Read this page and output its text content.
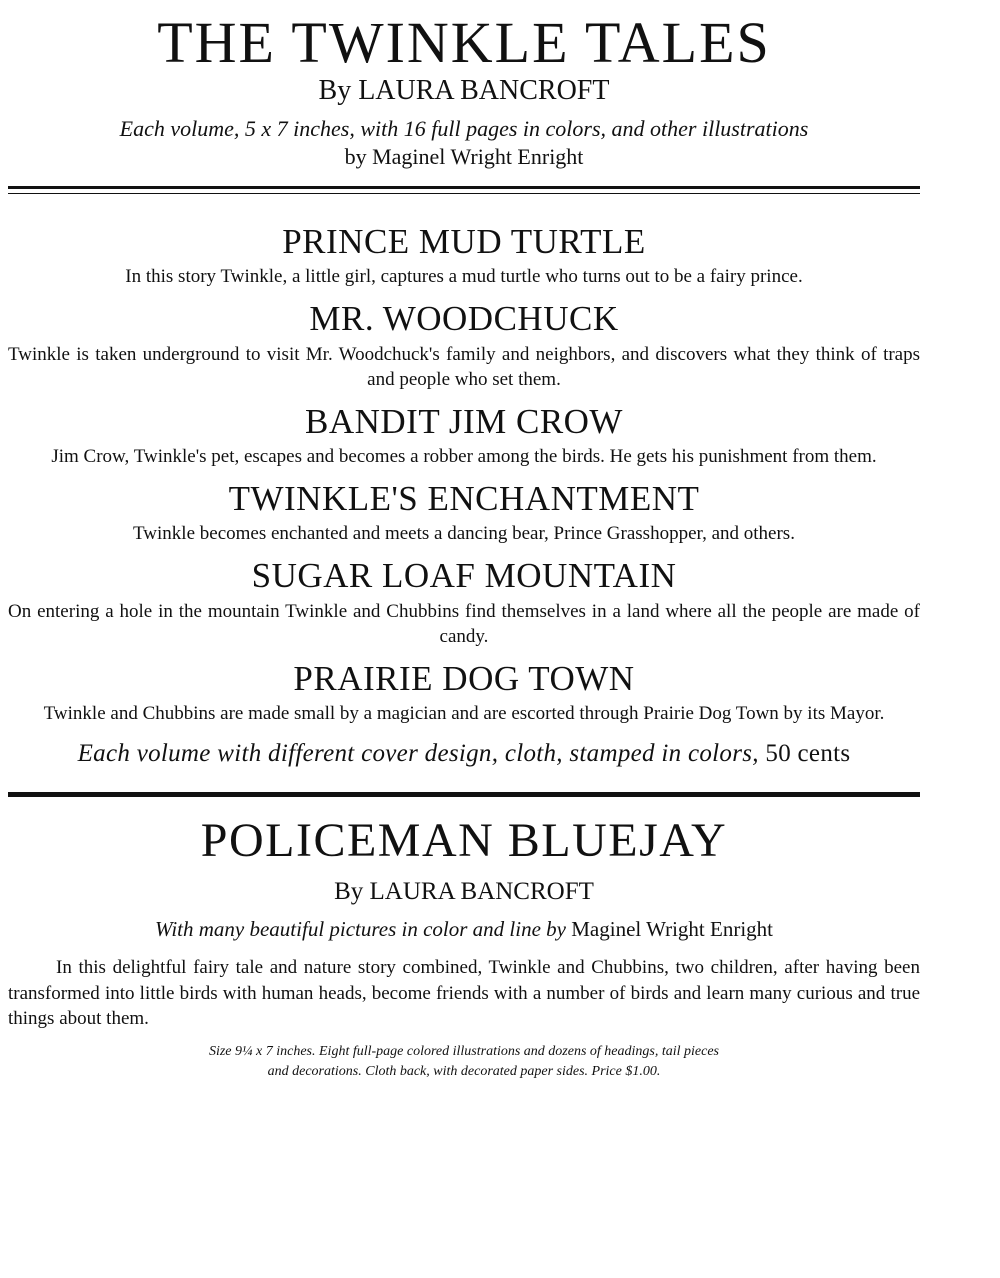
THE TWINKLE TALES
By LAURA BANCROFT

Each volume, 5 x 7 inches, with 16 full pages in colors, and other illustrations
by Maginel Wright Enright

PRINCE MUD TURTLE

In this story Twinkle, a little girl, captures a mud turtle who turns out to be a fairy prince.

MR. WOODCHUCK

Twinkle is taken underground to visit Mr. Woodchuck's family and neighbors, and discovers what they think of traps and people who set them.

BANDIT JIM CROW

Jim Crow, Twinkle's pet, escapes and becomes a robber among the birds. He gets his punishment from them.

TWINKLE'S ENCHANTMENT

Twinkle becomes enchanted and meets a dancing bear, Prince Grasshopper, and others.

SUGAR LOAF MOUNTAIN

On entering a hole in the mountain Twinkle and Chubbins find themselves in a land where all the people are made of candy.

PRAIRIE DOG TOWN

Twinkle and Chubbins are made small by a magician and are escorted through Prairie Dog Town by its Mayor.

Each volume with different cover design, cloth, stamped in colors, 50 cents

POLICEMAN BLUEJAY
By LAURA BANCROFT

With many beautiful pictures in color and line by Maginel Wright Enright

In this delightful fairy tale and nature story combined, Twinkle and Chubbins, two children, after having been transformed into little birds with human heads, become friends with a number of birds and learn many curious and true things about them.

Size 9¼ x 7 inches. Eight full-page colored illustrations and dozens of headings, tail pieces
and decorations. Cloth back, with decorated paper sides. Price $1.00.
